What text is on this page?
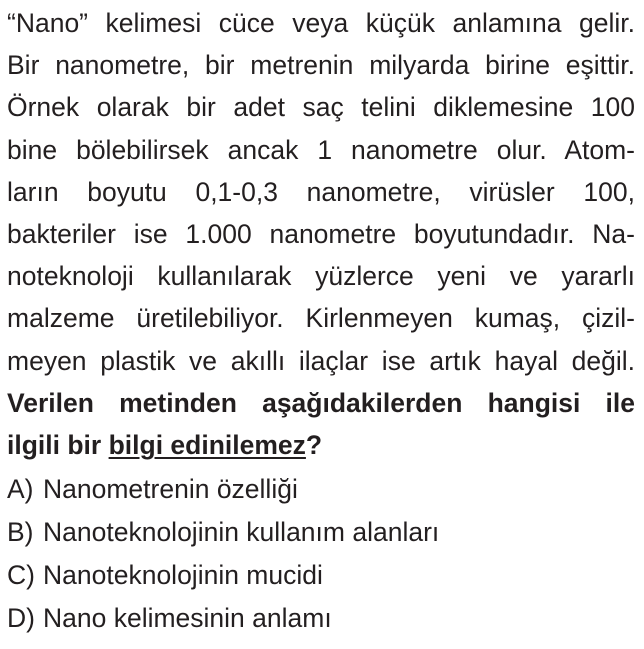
“Nano” kelimesi cüce veya küçük anlamına gelir.
Bir nanometre, bir metrenin milyarda birine eşittir.
Örnek olarak bir adet saç telini diklemesine 100
bine bölebilirsek ancak 1 nanometre olur. Atom-
ların boyutu 0,1-0,3 nanometre, virüsler 100,
bakteriler ise 1.000 nanometre boyutundadır. Na-
noteknoloji kullanılarak yüzlerce yeni ve yararlı
malzeme üretilebiliyor. Kirlenmeyen kumaş, çizil-
meyen plastik ve akıllı ilaçlar ise artık hayal değil.
Verilen metinden aşağıdakilerden hangisi ile
ilgili bir bilgi edinilemez?
A) Nanometrenin özelliği
B) Nanoteknolojinin kullanım alanları
C) Nanoteknolojinin mucidi
D) Nano kelimesinin anlamı
